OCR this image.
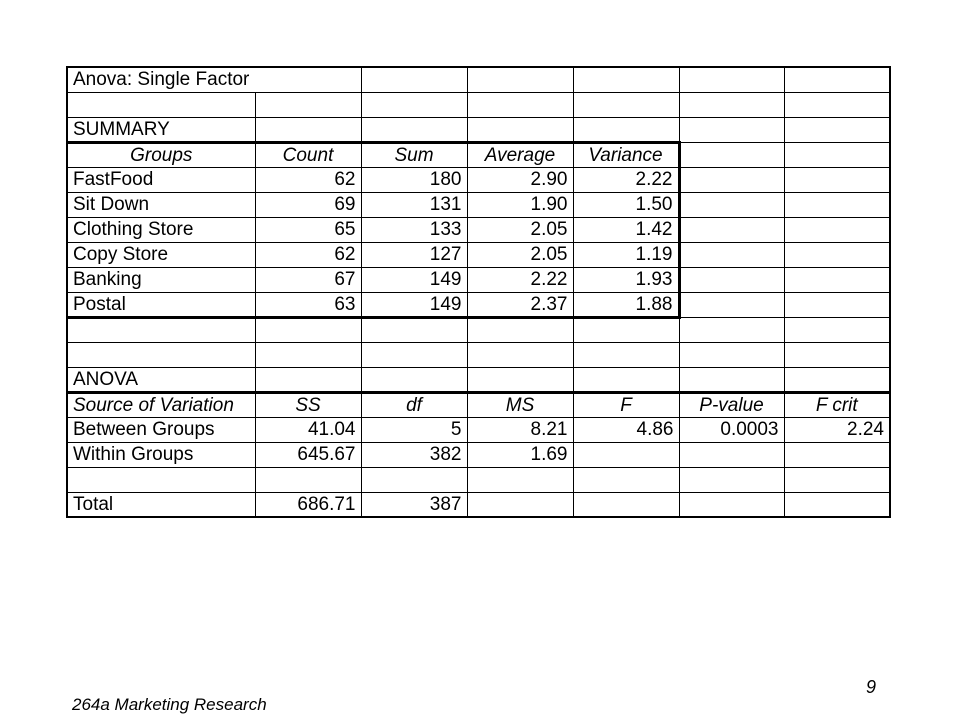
Anova: Single Factor						

SUMMARY						
Groups	Count	Sum	Average	Variance		
FastFood	62	180	2.90	2.22		
Sit Down	69	131	1.90	1.50		
Clothing Store	65	133	2.05	1.42		
Copy Store	62	127	2.05	1.19		
Banking	67	149	2.22	1.93		
Postal	63	149	2.37	1.88		

ANOVA						
Source of Variation	SS	df	MS	F	P-value	F crit
Between Groups	41.04	5	8.21	4.86	0.0003	2.24
Within Groups	645.67	382	1.69			

Total	686.71	387				
264a Marketing Research
9
